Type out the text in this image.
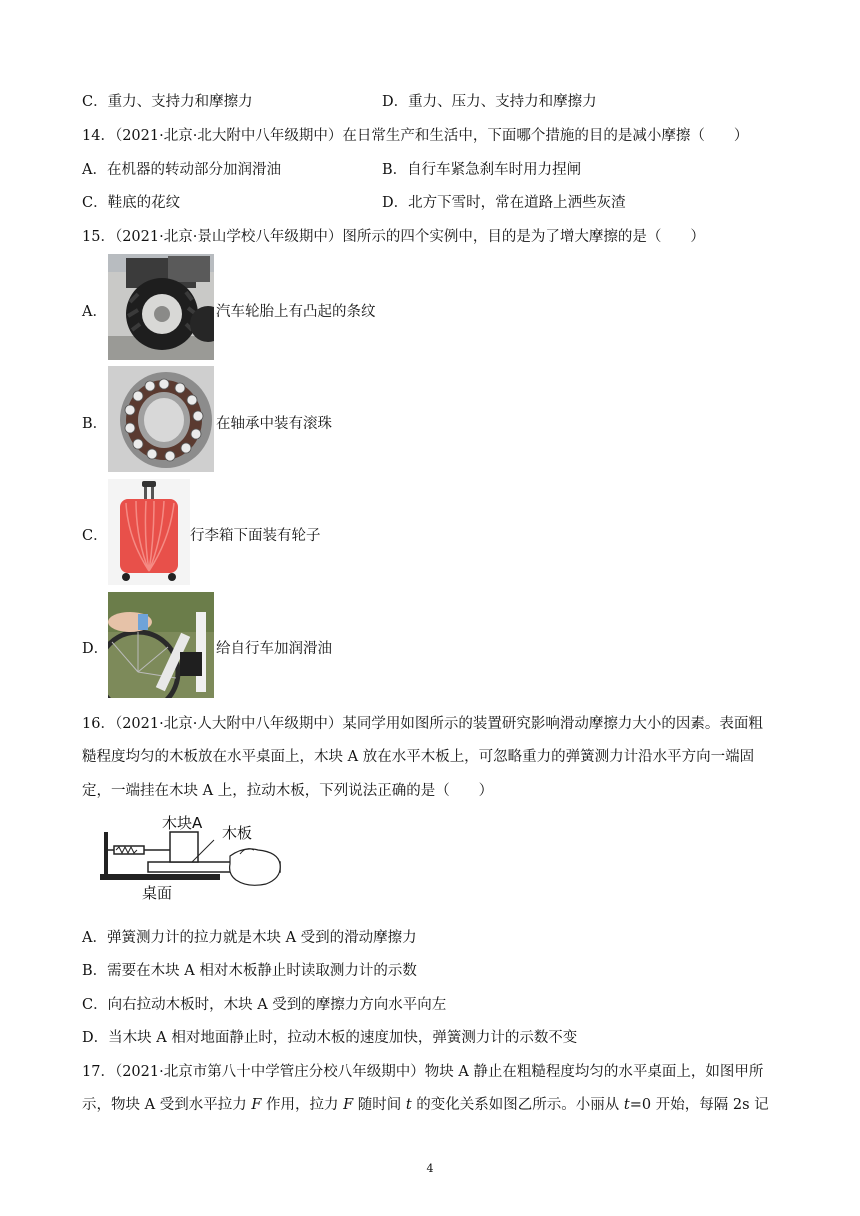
C．重力、支持力和摩擦力	D．重力、压力、支持力和摩擦力
14．（2021·北京·北大附中八年级期中）在日常生产和生活中，下面哪个措施的目的是减小摩擦（　　）
A．在机器的转动部分加润滑油	B．自行车紧急刹车时用力捏闸
C．鞋底的花纹	D．北方下雪时，常在道路上洒些灰渣
15．（2021·北京·景山学校八年级期中）图所示的四个实例中，目的是为了增大摩擦的是（　　）
A．	汽车轮胎上有凸起的条纹
B．	在轴承中装有滚珠
C．	行李箱下面装有轮子
D．	给自行车加润滑油
16．（2021·北京·人大附中八年级期中）某同学用如图所示的装置研究影响滑动摩擦力大小的因素。表面粗
糙程度均匀的木板放在水平桌面上，木块 A 放在水平木板上，可忽略重力的弹簧测力计沿水平方向一端固
定，一端挂在木块 A 上，拉动木板，下列说法正确的是（　　）
木块A
木板
桌面
A．弹簧测力计的拉力就是木块 A 受到的滑动摩擦力
B．需要在木块 A 相对木板静止时读取测力计的示数
C．向右拉动木板时，木块 A 受到的摩擦力方向水平向左
D．当木块 A 相对地面静止时，拉动木板的速度加快，弹簧测力计的示数不变
17．（2021·北京市第八十中学管庄分校八年级期中）物块 A 静止在粗糙程度均匀的水平桌面上，如图甲所
示，物块 A 受到水平拉力 F 作用，拉力 F 随时间 t 的变化关系如图乙所示。小丽从 t=0 开始，每隔 2s 记
4
